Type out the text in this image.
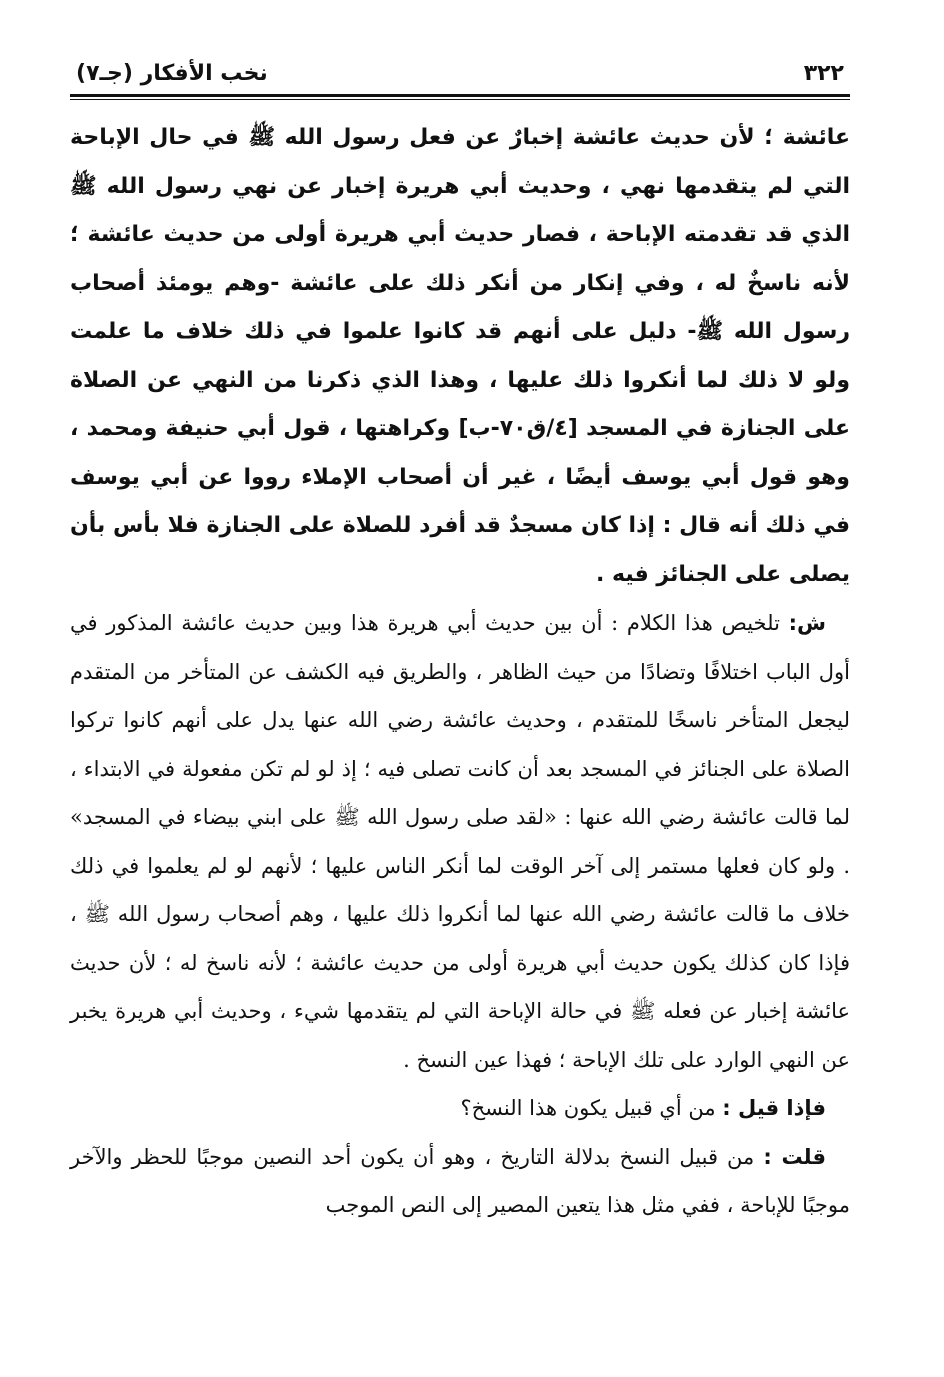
٣٢٢
نخب الأفكار (جـ٧)
عائشة ؛ لأن حديث عائشة إخبارٌ عن فعل رسول الله ﷺ في حال الإباحة التي لم يتقدمها نهي ، وحديث أبي هريرة إخبار عن نهي رسول الله ﷺ الذي قد تقدمته الإباحة ، فصار حديث أبي هريرة أولى من حديث عائشة ؛ لأنه ناسخٌ له ، وفي إنكار من أنكر ذلك على عائشة -وهم يومئذ أصحاب رسول الله ﷺ- دليل على أنهم قد كانوا علموا في ذلك خلاف ما علمت ولو لا ذلك لما أنكروا ذلك عليها ، وهذا الذي ذكرنا من النهي عن الصلاة على الجنازة في المسجد [٤/ق٧٠-ب] وكراهتها ، قول أبي حنيفة ومحمد ، وهو قول أبي يوسف أيضًا ، غير أن أصحاب الإملاء رووا عن أبي يوسف في ذلك أنه قال : إذا كان مسجدٌ قد أفرد للصلاة على الجنازة فلا بأس بأن يصلى على الجنائز فيه .

ش: تلخيص هذا الكلام : أن بين حديث أبي هريرة هذا وبين حديث عائشة المذكور في أول الباب اختلافًا وتضادًا من حيث الظاهر ، والطريق فيه الكشف عن المتأخر من المتقدم ليجعل المتأخر ناسخًا للمتقدم ، وحديث عائشة رضي الله عنها يدل على أنهم كانوا تركوا الصلاة على الجنائز في المسجد بعد أن كانت تصلى فيه ؛ إذ لو لم تكن مفعولة في الابتداء ، لما قالت عائشة رضي الله عنها : «لقد صلى رسول الله ﷺ على ابني بيضاء في المسجد» . ولو كان فعلها مستمر إلى آخر الوقت لما أنكر الناس عليها ؛ لأنهم لو لم يعلموا في ذلك خلاف ما قالت عائشة رضي الله عنها لما أنكروا ذلك عليها ، وهم أصحاب رسول الله ﷺ ، فإذا كان كذلك يكون حديث أبي هريرة أولى من حديث عائشة ؛ لأنه ناسخ له ؛ لأن حديث عائشة إخبار عن فعله ﷺ في حالة الإباحة التي لم يتقدمها شيء ، وحديث أبي هريرة يخبر عن النهي الوارد على تلك الإباحة ؛ فهذا عين النسخ .

فإذا قيل : من أي قبيل يكون هذا النسخ؟

قلت : من قبيل النسخ بدلالة التاريخ ، وهو أن يكون أحد النصين موجبًا للحظر والآخر موجبًا للإباحة ، ففي مثل هذا يتعين المصير إلى النص الموجب
